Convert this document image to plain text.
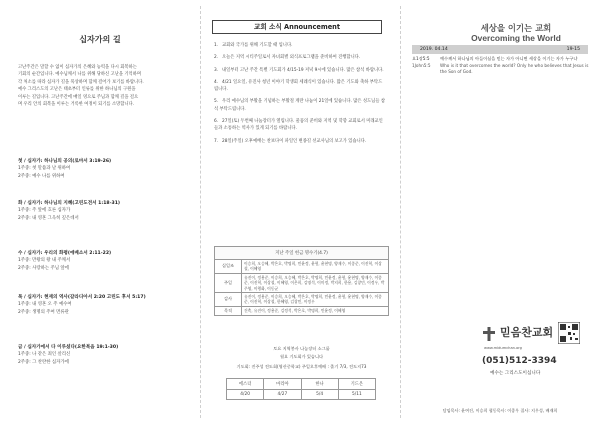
십자가의 길

고난주간은 말할 수 없이 십자가의 은혜와 능력을 다시 회복하는

기회의 순간입니다. 예수님께서 나를 위해 당하신 고난을 기억하며

각 처소를 따라 십자가 길을 묵상하며 함께 걸어가 보기를 바랍니다.

예수 그리스도의 고난은 태초부터 인류를 위한 하나님의 구원을

이루는 길입니다. 고난주간에 매일 영으로 주님과 함께 길을 걸으

며 우리 안의 회복을 이루는 거룩한 여정이 되기를 소망합니다.

첫 / 십자가: 하나님의 공의(로마서 3:19-26)
1주중: 첫 말씀과 날 위하여
2주중: 예수 나를 위하여
화 / 십자가: 하나님의 지혜(고린도전서 1:18-31)
1주중: 주 앞에 흐른 십자가
2주중: 내 영혼 그윽히 깊은데서
수 / 십자가: 우리의 화평(에베소서 2:11-22)
1주중: 만왕의 왕 내 주께서
2주중: 사랑하는 주님 앞에
목 / 십자가: 현재의 역사(갈라디아서 2:20 고린도 후서 5:17)
1주중: 내 영혼 오 주 예수여
2주중: 생명의 주여 면류관
금 / 십자가에서 다 이루셨다(요한복음 19:1-30)
1주중: 나 같은 죄인 살리신
2주중: 그 찬란한 십자가에
교회 소식 Announcement
1. 교회와 국가를 위해 기도할 때 입니다.
2. 오늘은 지역 시티주일로서 자녀회별 외식프로그램을 준비하여 진행합니다.
3. 내일부터 고난 주간 특별 기도회가 4/15-19 저녁 9시에 있습니다. 많은 참석 바랍니다.
4. 4/21 일요일, 유진사 청년 이야기 학생회 세례식이 있습니다. 많은 기도와 축하 부탁드립니다.
5. 우리 예수님의 부활을 기념하는 부활절 계란 나눔이 21일에 있습니다. 많은 성도님들 참석 부탁드립니다.
6. 27일(토) 두번째 나눔장터가 열립니다. 물품의 준비와 지역 및 학향 교회로서 미래교인들과 소통하는 역사가 있게 되기를 바랍니다.
7. 28일(주일) 오후예배는 찬보다이 파일인 변종길 선교사님의 보고가 있습니다.
지난 주일 헌금 명수기(4.7)	
십일조	이승희, 오승혜, 박은호, 박명희, 민윤정, 윤형, 윤현명, 양재수, 이종준, 이진혁, 이상철, 이혜영
주일	유진이, 정용준, 이승희, 오승혜, 박은호, 박명희, 민윤정, 윤형, 윤현명, 양재수, 이종준, 이진혁, 이상철, 이혜영, 이은희, 김명석, 이미정, 박지희, 한용, 김창민, 이정우, 박주영, 이행화, 이동균
감사	유진이, 정용준, 이승희, 오승혜, 박은호, 박명희, 민윤정, 윤형, 윤현명, 양재수, 이종준, 이진혁, 이상철, 한혜영, 김창민, 이정우
목적	건축, 유진이, 정용준, 김정석, 박은호, 박명희, 민윤정, 이혜영
토요 지역봉사 나눔장터 소그룹
월요 기도회가 있습니다
기도회: 진주성 전도회(영산중학교) 주일오후예배 : 졸기 7/3, 전도지73
에스더	마리아	한나	기드온
4/20	4/27	5/4	5/11
세상을 이기는 교회
Overcoming the World
2019. 04.14	19-15
요1장5:5	예수께서 하나님의 아들이심을 믿는 자가 아니면 세상을 이기는 자가 누구냐
1John5:5 Who is it that overcomes the world? Only he who believes that Jesus is the Son of God.
믿음찬교회
www.midumchan.org
(051)512-3394
예수는 그리스도이십니다
담임목사: 윤여진, 이승희 협동목사: 이종우 집사: 지우성, 배재희
